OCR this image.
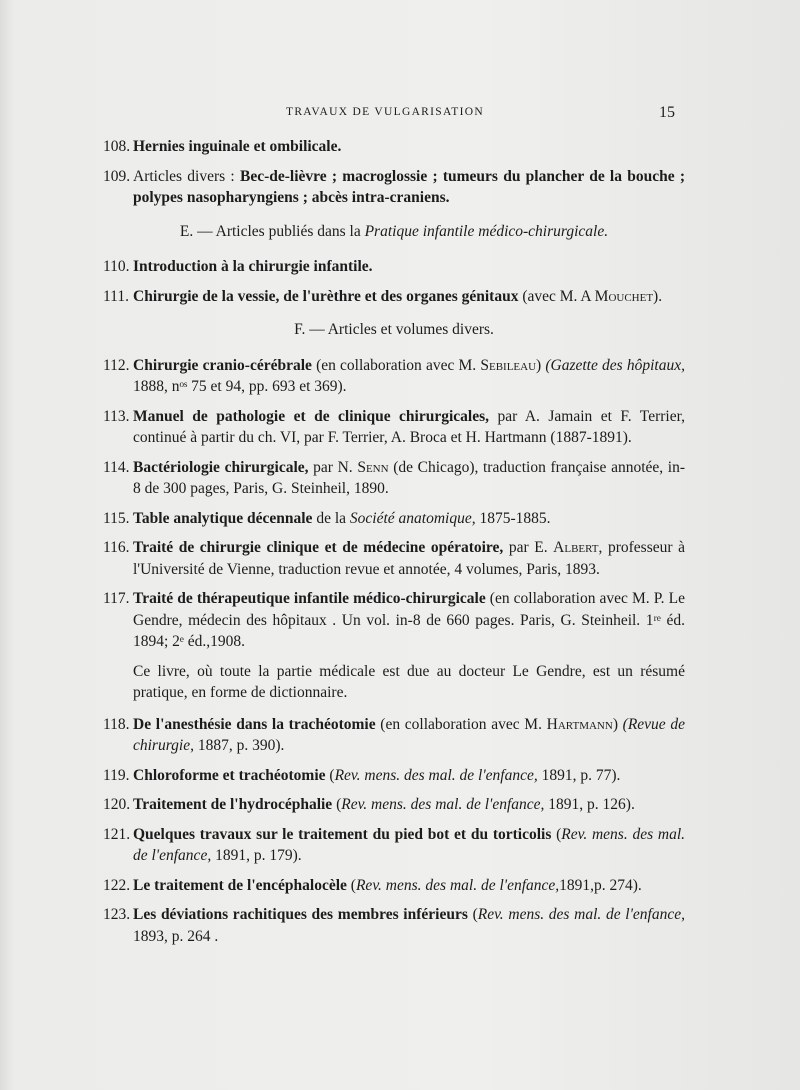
TRAVAUX DE VULGARISATION	15
108. Hernies inguinale et ombilicale.
109. Articles divers : Bec-de-lièvre ; macroglossie ; tumeurs du plancher de la bouche ; polypes nasopharyngiens ; abcès intra-craniens.
E. — Articles publiés dans la Pratique infantile médico-chirurgicale.
110. Introduction à la chirurgie infantile.
111. Chirurgie de la vessie, de l'urèthre et des organes génitaux (avec M. A Mouchet).
F. — Articles et volumes divers.
112. Chirurgie cranio-cérébrale (en collaboration avec M. Sebileau) (Gazette des hôpitaux, 1888, nᵒˢ 75 et 94, pp. 693 et 369).
113. Manuel de pathologie et de clinique chirurgicales, par A. Jamain et F. Terrier, continué à partir du ch. VI, par F. Terrier, A. Broca et H. Hartmann (1887-1891).
114. Bactériologie chirurgicale, par N. Senn (de Chicago), traduction française annotée, in-8 de 300 pages, Paris, G. Steinheil, 1890.
115. Table analytique décennale de la Société anatomique, 1875-1885.
116. Traité de chirurgie clinique et de médecine opératoire, par E. Albert, professeur à l'Université de Vienne, traduction revue et annotée, 4 volumes, Paris, 1893.
117. Traité de thérapeutique infantile médico-chirurgicale (en collaboration avec M. P. Le Gendre, médecin des hôpitaux . Un vol. in-8 de 660 pages. Paris, G. Steinheil. 1ʳᵉ éd. 1894; 2ᵉ éd.,1908.
Ce livre, où toute la partie médicale est due au docteur Le Gendre, est un résumé pratique, en forme de dictionnaire.
118. De l'anesthésie dans la trachéotomie (en collaboration avec M. Hartmann) (Revue de chirurgie, 1887, p. 390).
119. Chloroforme et trachéotomie (Rev. mens. des mal. de l'enfance, 1891, p. 77).
120. Traitement de l'hydrocéphalie (Rev. mens. des mal. de l'enfance, 1891, p. 126).
121. Quelques travaux sur le traitement du pied bot et du torticolis (Rev. mens. des mal. de l'enfance, 1891, p. 179).
122. Le traitement de l'encéphalocèle (Rev. mens. des mal. de l'enfance,1891,p. 274).
123. Les déviations rachitiques des membres inférieurs (Rev. mens. des mal. de l'enfance, 1893, p. 264 .
